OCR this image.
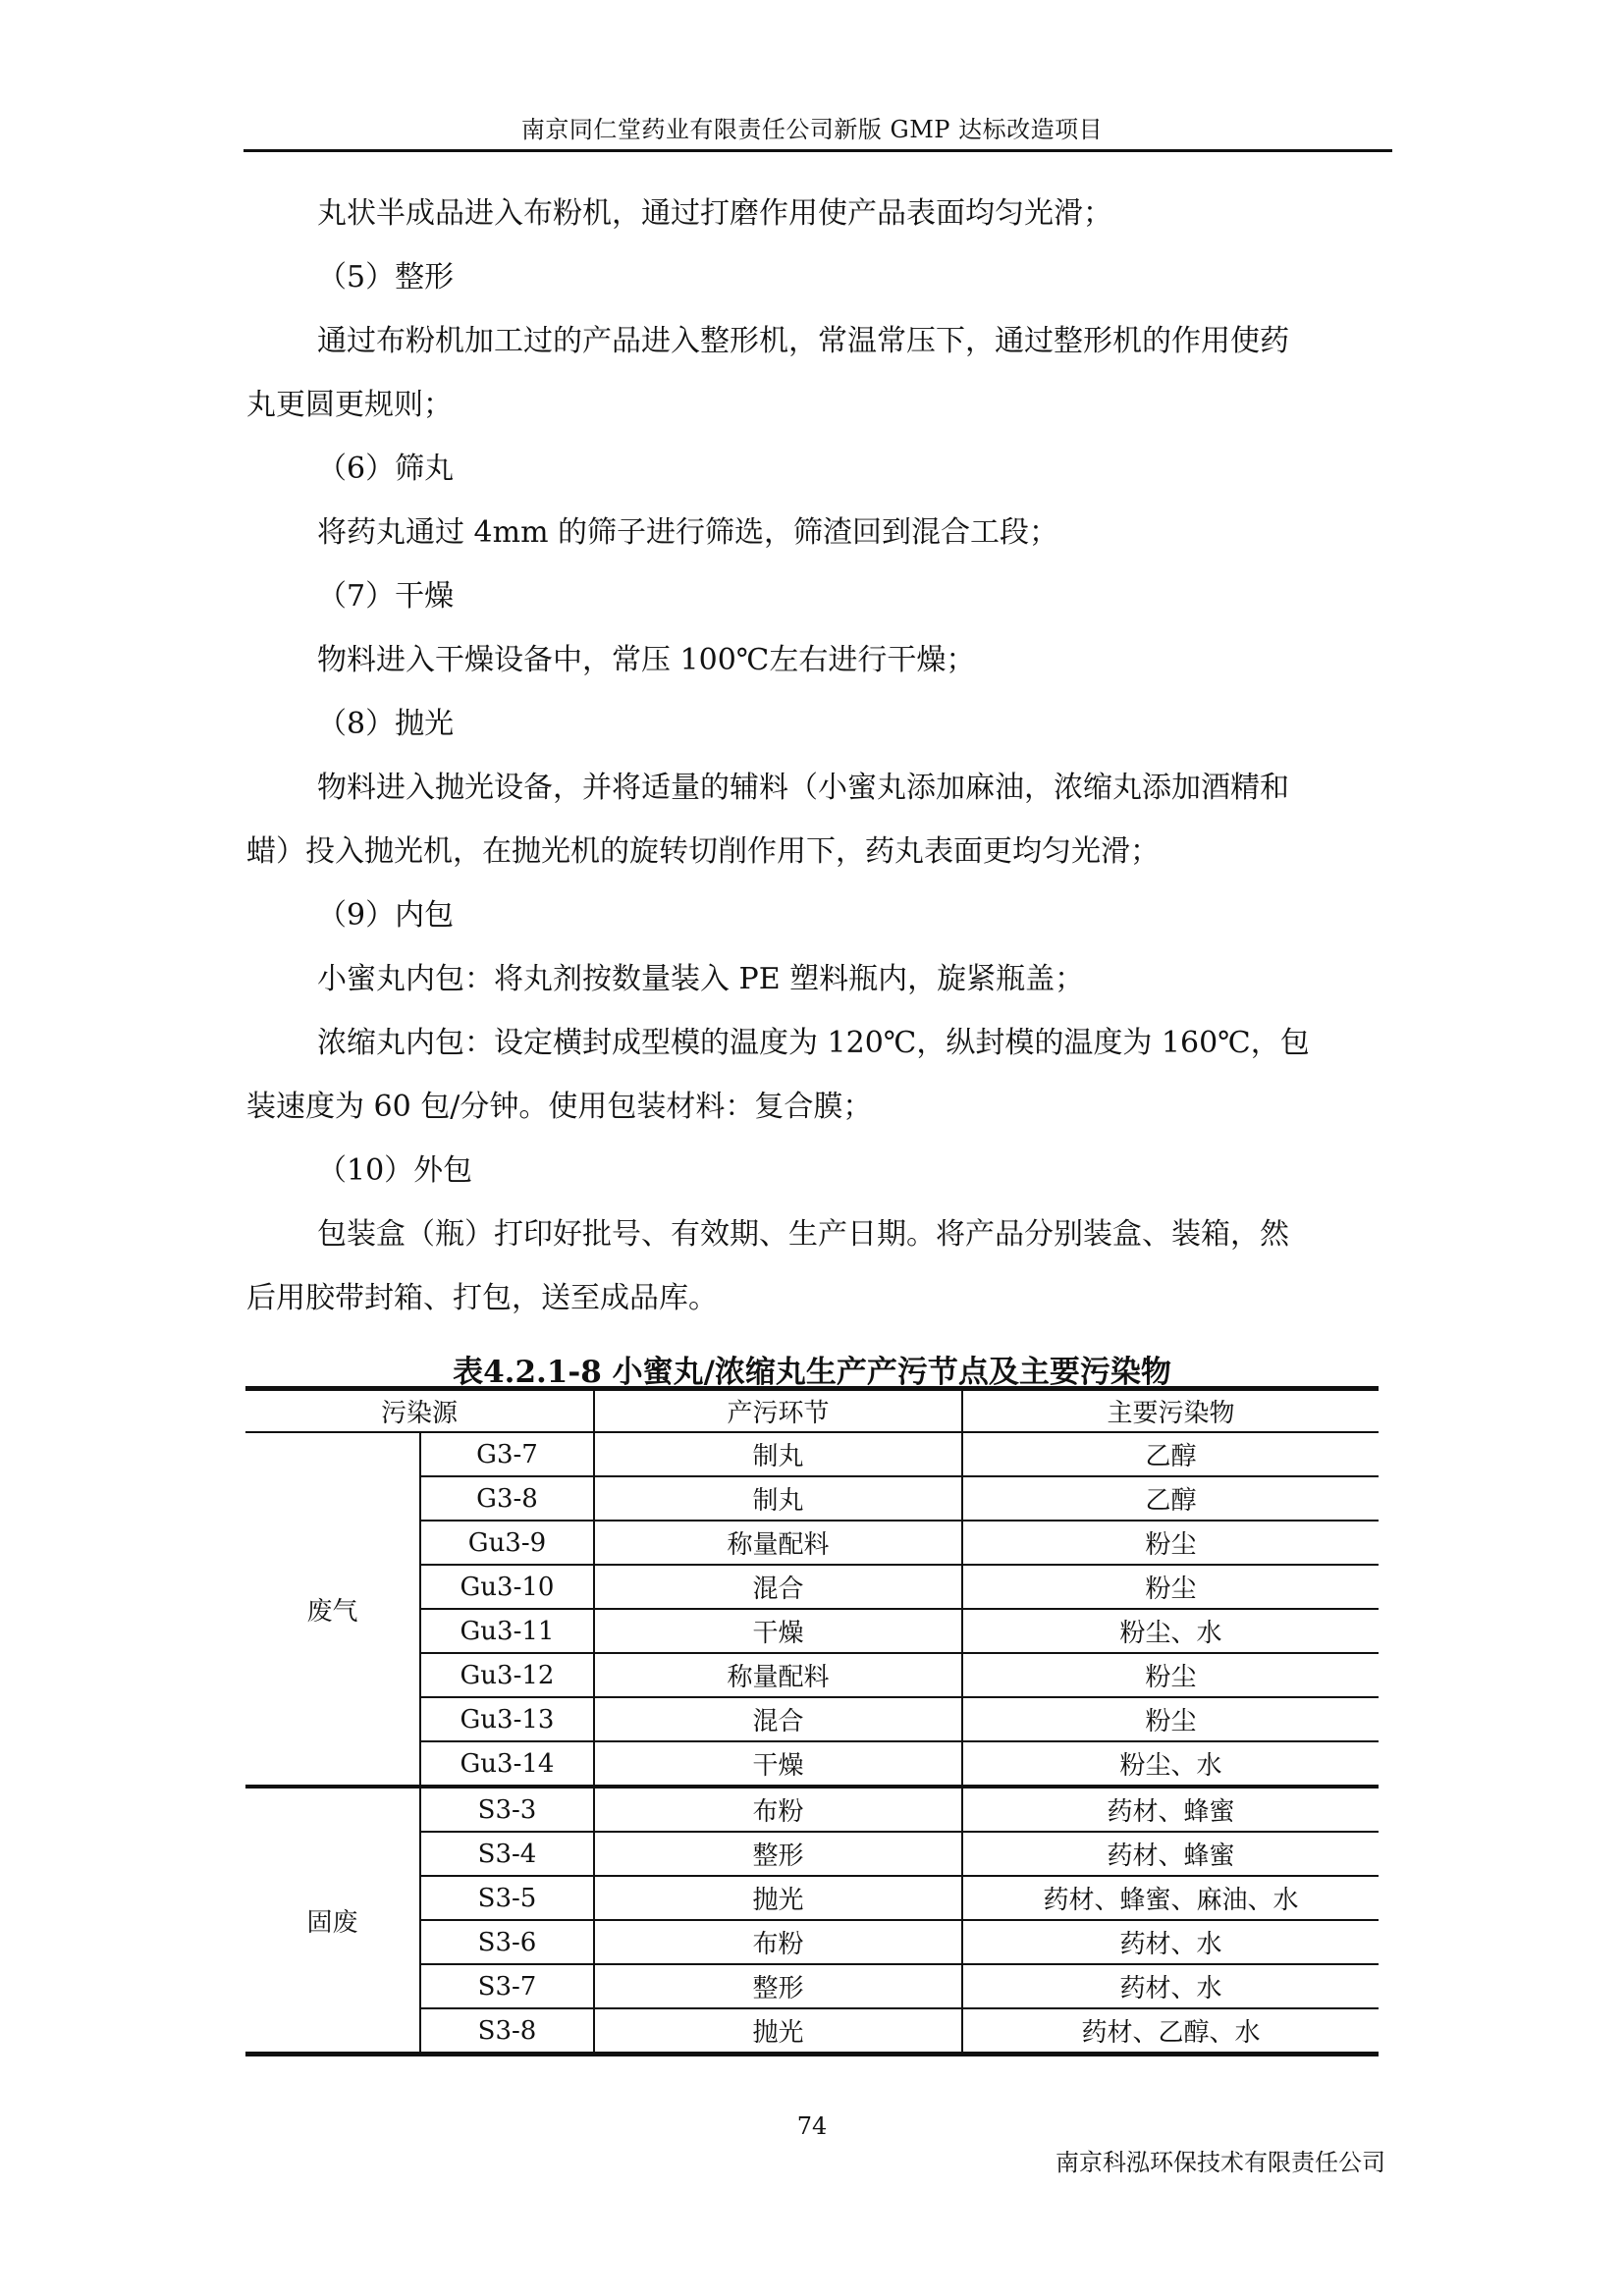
南京同仁堂药业有限责任公司新版 GMP 达标改造项目
丸状半成品进入布粉机，通过打磨作用使产品表面均匀光滑；
（5）整形
通过布粉机加工过的产品进入整形机，常温常压下，通过整形机的作用使药
丸更圆更规则；
（6）筛丸
将药丸通过 4mm 的筛子进行筛选，筛渣回到混合工段；
（7）干燥
物料进入干燥设备中，常压 100℃左右进行干燥；
（8）抛光
物料进入抛光设备，并将适量的辅料（小蜜丸添加麻油，浓缩丸添加酒精和
蜡）投入抛光机，在抛光机的旋转切削作用下，药丸表面更均匀光滑；
（9）内包
小蜜丸内包：将丸剂按数量装入 PE 塑料瓶内，旋紧瓶盖；
浓缩丸内包：设定横封成型模的温度为 120℃，纵封模的温度为 160℃，包
装速度为 60 包/分钟。使用包装材料：复合膜；
（10）外包
包装盒（瓶）打印好批号、有效期、生产日期。将产品分别装盒、装箱，然
后用胶带封箱、打包，送至成品库。
表4.2.1-8 小蜜丸/浓缩丸生产产污节点及主要污染物
污染源		产污环节	主要污染物
废气	G3-7	制丸	乙醇
	G3-8	制丸	乙醇
	Gu3-9	称量配料	粉尘
	Gu3-10	混合	粉尘
	Gu3-11	干燥	粉尘、水
	Gu3-12	称量配料	粉尘
	Gu3-13	混合	粉尘
	Gu3-14	干燥	粉尘、水
固废	S3-3	布粉	药材、蜂蜜
	S3-4	整形	药材、蜂蜜
	S3-5	抛光	药材、蜂蜜、麻油、水
	S3-6	布粉	药材、水
	S3-7	整形	药材、水
	S3-8	抛光	药材、乙醇、水
74
南京科泓环保技术有限责任公司
